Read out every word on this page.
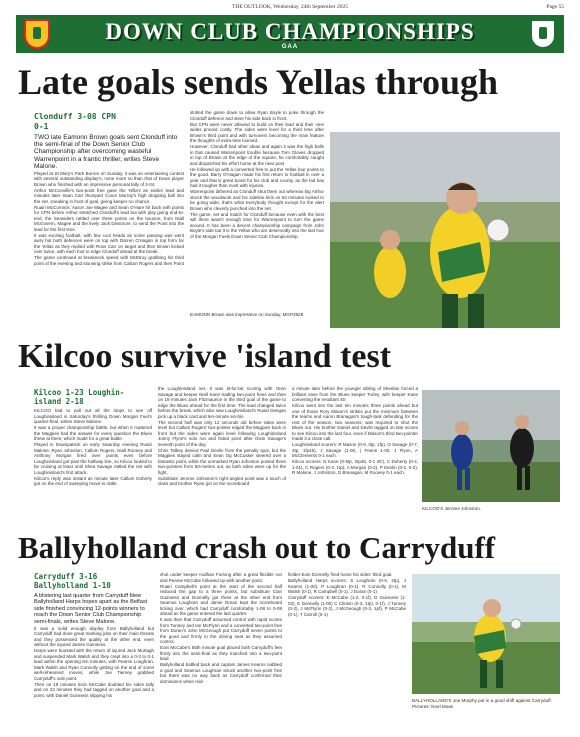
THE OUTLOOK, Wednesday, 24th September 2025	Page 55
DOWN CLUB CHAMPIONSHIPS
GAA
Late goals sends Yellas through
Clonduff 3-08 CPN
0-1

TWO late Eamonn Brown goals sent Clonduff into the semi-final of the Down Senior Club Championship after overcoming wasteful Warrenpoint in a frantic thriller, writes Steve Malone.

Played at St Mary's Park Burren on Sunday, it was an entertaining contest with several outstanding display's, none more so than that of Down player Brown who finished with an impressive personal tally of 2-04.

Arthur McConville's two-point free gave the Yella's an earlier lead and minutes later Sean Carr thumped Conor Murray's high dropping ball into the net, sneaking in front of goal, giving keeper no chance.

Ruairi McCormick, Aaron Joe Magee and Sean O'Hare hit back with points for CPN before Arthur stretched Clonduff's lead but with play going end-to-end, the Seasiders rattled over three points on the bounce, from Niall McGovern, Magee and the lively Jack Dinsmore, to send the Point into the lead for the first time.

It was exciting football, with few cool heads as some passing was went awry but both defences were on top with Darren O'Hagan in top form for the Yellas as they replied with Ross Carr on target and then Brown kicked over twice, with each foot to edge Clonduff ahead at the break.

The game continued at breakneck speed with McEtroy grabbing his third point of the evening and stunning strike from Callum Rogers and then Point

slotted the game down to allow Ryan Boyle to poke through the Clonduff defence and steer his side back in front.

But CPN were never allowed to build on their lead and their nine wides proved costly. The sides were level for a third time after Brown's third point and with turnovers becoming the main feature the thoughts of extra-time loomed.

However, Clonduff had other ideas and again it was the high balls in that caused Warrenpoint trouble because Tom Gloves dropped in top of Brown at the edge of the square, he comfortably caught and dispatched his effort home at the near post.

He followed up with a converted free to put the Yellas four points to the good. Barry O'Hagan made his first return to football in over a year and that is great boost for his club and county, as the lad has had it tougher than most with injuries.

Warrenpoint dithered as Clonduff shut them out whereas big Arthur struck the woodwork and his sideline kick on 63 minutes looked to be going wide, that's what everybody thought except for the alert Brown who cleverly punched into the net.

The game, set and match for Clonduff because even with the best will there wasn't enough time for Warrenpoint to turn the game around. It has been a decent championship campaign from John Boyle's side but it is the Yellas who are deservedly into the last four of the Morgan Fuels Down Senior Club Championship.

EAMONN Brown was impressive on Sunday. MGP3628
Kilcoo survive 'island test
Kilcoo 1-23 Loughin-
island 2-18

KILCOO had to pull out all the stops to see off Loughinisland in Saturday's thrilling Down Morgan Fuel's quarter-final, writes Steve Malone.

It was a proper championship battle, but when it mattered the Magpies had the answer for every question the Blues threw at them, which made for a great battle.

Played in Downpatrick on early Saturday evening Ruairi Malone, Ryan Johnston, Callum Rogers, Niall Rooney and Anthony Morgan fired over points even before Loughinisland got past the halfway line, so Kilcoo looked to be cruising at least until Shea Savage rattled the net with Loughinisland's first attack.

Kilcoo's reply was instant as minute later Callum Doherty got on the end of sweeping move to rattle

the Loughinisland net. It was tit-for-tat scoring with Oisin Savage and keeper Niall Kane trading two-point frees and then on 19 minutes Jack Fitzmaurice in the third goal of the game to edge the Blues ahead for the first time. The lead changed twice before the break, which also saw Loughinisland's Ruairi Deegan pick up a black card and ten-minute sin-bin.

The second half was only 12 seconds old before sides were level but Callum Rogers' two-pointer edged the Magpies back in front but the sides were again level following Loughinisland Jonny Flynn's solo run and fisted point after Oisin Savage's seventh point of the day.

Chris Talbey denied Paul Devlin from the penalty spot, but the Magpies stayed calm and Sean Og McCusker steered over a fantastic point, while the unmarked Ryan Johnston posted three two-pointers from 50-metres out, as both sides were up for the fight.

Substitute Jerome Johnston's right angled point was a touch of class and brother Ryan got on the scoreboard

a minute later before the younger sibling of Sheelan forced a brilliant save from the Blues keeper Turley, with keeper Kane converting the resultant 45'.

Kilcoo went into the last ten minutes three points ahead but one of those Rory Mason's strikes put the minimum between the teams and Aaron Branagan's tough-task defending for the rest of the season, two seasons; was required to shut the Blues out. His brother Daniel and Devlin tagged on late scores to see Kilcoo into the last four, even if Mason's third two-pointer made it a close call.

Loughinisland scorers: R Mason (0-9, 3tp, 1fp), O Savage (0-7, 3tp, 1fp45), J Savage (1-00, ) Fenns 1-00, J Flynn, A McClements 0-1 each.

Kilcoo scorers: N Kane (0-5tp, 2tp45, 0-1 45'), C Doherty (0-4, 1-01), C Rogers (0-3, 1tp), A Morgan (0-2), P Devlin (0-2, 0-2), R Malone, J Johnston, D Branagan, M Rooney 0-1 each.

KILCOO'S Jerome Johnston.
Ballyholland crash out to Carryduff
Carryduff 3-16
Ballyholland 1-10

A blistering last quarter from Carryduff blew Ballyholland Harps hopes apart as the Belfast side finished convincing 12-points winners to reach the Down Senior Club Championship semi-finals, writes Steve Malone.

It was a solid enough display from Ballyholland but Carryduff had done great marking jobs on their main threats and they possessed the quality at the other end, even without the injured James Guinness.

Harps were boosted with the return of injured Jack Murtagh and suspended Mark Walsh and they crept into a 0-3 to 0-1 lead within the opening ten minutes, with Pearse Loughran, Mark Walsh and Ryan Connolly getting on the end of some well-rehearsed moves, while Joe Tierney grabbed Carryduff's sole point.

Then on 18 minutes Eoin McCabe doubled his sides tally and on 22 minutes they had tagged on another goal and a point, with Daniel Guinness slipping his

shot under keeper Aodhan Furlong after a great flexible run and Pearse McCabe followed up with another point.

Ruairi Campbell's point at the start of the second half reduced the gap to a three points, but substitute Cian Guinness and Donnelly got three at the other end from Seamus Loughran and Jamie Doran kept the scoreboard ticking over, which had Carryduff comfortably 1-08 to 0-08 ahead as the game entered the last quarter.

It was then that Carryduff assumed control with rapid scores from Tunney and Ian McFlynn and a converted two-point free from Doran's John McGeough put Carryduff seven points to the good and firmly in the driving seat as they assumed control.

Eoin McCabe's 55th minute goal placed both Carryduff's feet firmly into the semi-final as they marched into a two-point lead.

Ballyholland battled back and captain James Kearns nabbed a goal and Seamus Loughran struck another two-point free but there was no way back as Carryduff confirmed their dominance when mid-

fielder Eoin Donnelly fired home his sides' third goal.

Ballyholland Harps scorers: S Loughran (0-5, 2tp), J Kearns (1-00), P Loughran (0-1), R Connolly (0-1), M Walsh (0-1), R Campbell (0-1), J Doran (0-1)

Carryduff scorers: E McCabe (1-2, 0-1f), D Guinness (1-02), E Donnelly (1-00) C Clinton (0-3, 1tp), 0-1f), J Tunney (0-2), J McFlynn (0-2), J McGeough (0-3, 1pf), P McCabe (0-1), T Carroll (0-1)

BALLYHOLLAND'S Joe Murphy put in a good shift against Carryduff. Pictures: Noel Moan
